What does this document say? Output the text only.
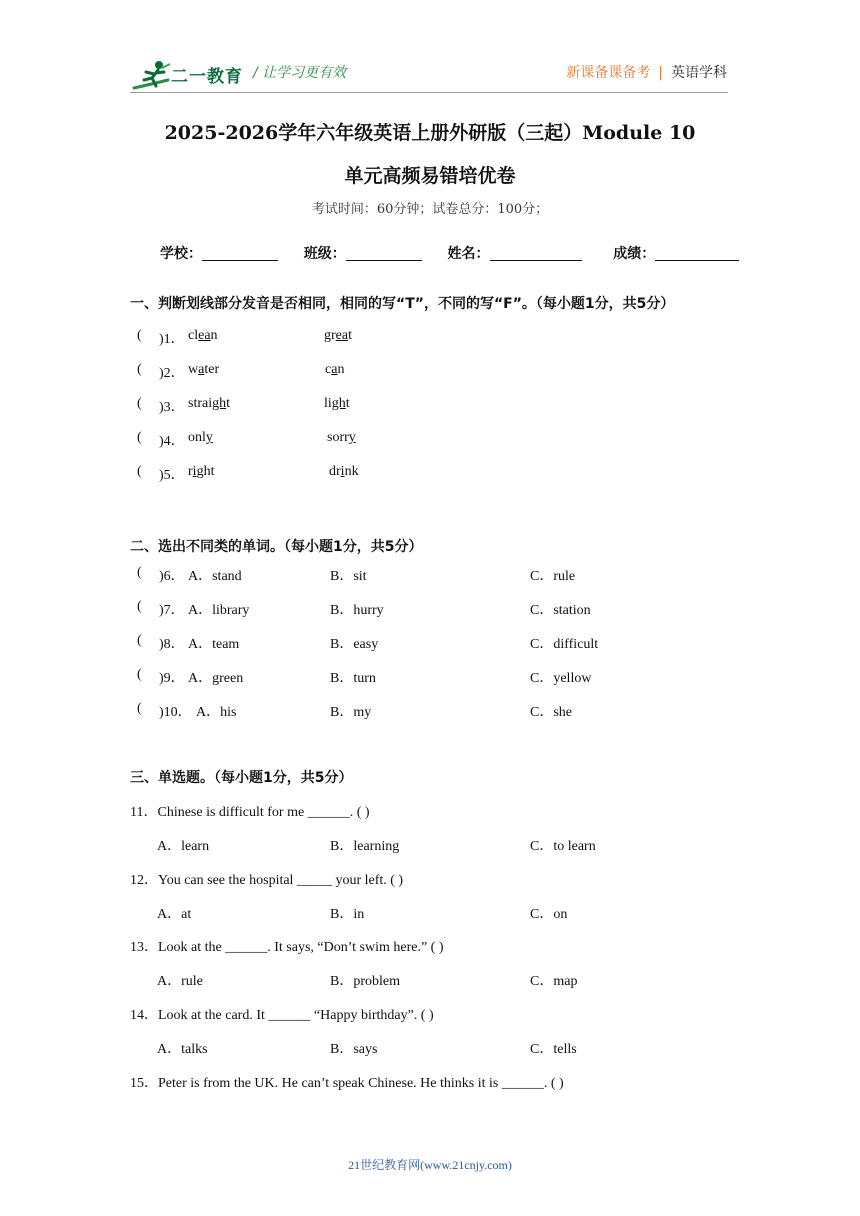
二一教育 / 让学习更有效	新课备课备考 | 英语学科
2025-2026学年六年级英语上册外研版（三起）Module 10
单元高频易错培优卷
考试时间：60分钟；试卷总分：100分；
学校：	班级：	姓名：	成绩：
一、判断划线部分发音是否相同，相同的写“T”，不同的写“F”。（每小题1分，共5分）
( )1． clean	great
( )2． water	can
( )3． straight	light
( )4． only	sorry
( )5． right	drink
二、选出不同类的单词。（每小题1分，共5分）
( )6． A．stand	B．sit	C．rule
( )7． A．library	B．hurry	C．station
( )8． A．team	B．easy	C．difficult
( )9． A．green	B．turn	C．yellow
( )10． A．his	B．my	C．she
三、单选题。（每小题1分，共5分）
11．Chinese is difficult for me ______. ( )
A．learn	B．learning	C．to learn
12．You can see the hospital _____ your left. ( )
A．at	B．in	C．on
13．Look at the ______. It says, “Don’t swim here.” ( )
A．rule	B．problem	C．map
14．Look at the card. It ______ “Happy birthday”. ( )
A．talks	B．says	C．tells
15．Peter is from the UK. He can’t speak Chinese. He thinks it is ______. ( )
21世纪教育网(www.21cnjy.com)
